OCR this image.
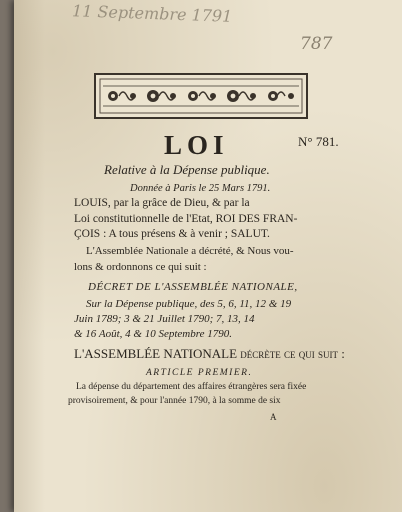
11 Septembre 1791
787
LOI	N° 781.
Relative à la Dépense publique.
Donnée à Paris le 25 Mars 1791.
LOUIS, par la grâce de Dieu, & par la
Loi constitutionnelle de l'Etat, ROI DES FRAN-
ÇOIS : A tous présens & à venir ; SALUT.
L'Assemblée Nationale a décrété, & Nous vou-
lons & ordonnons ce qui suit :
DÉCRET DE L'ASSEMBLÉE NATIONALE,
Sur la Dépense publique, des 5, 6, 11, 12 & 19
Juin 1789; 3 & 21 Juillet 1790; 7, 13, 14
& 16 Août, 4 & 10 Septembre 1790.
L'ASSEMBLÉE NATIONALE décrète ce qui suit :
ARTICLE PREMIER.
La dépense du département des affaires étrangères sera fixée
provisoirement, & pour l'année 1790, à la somme de six
A
